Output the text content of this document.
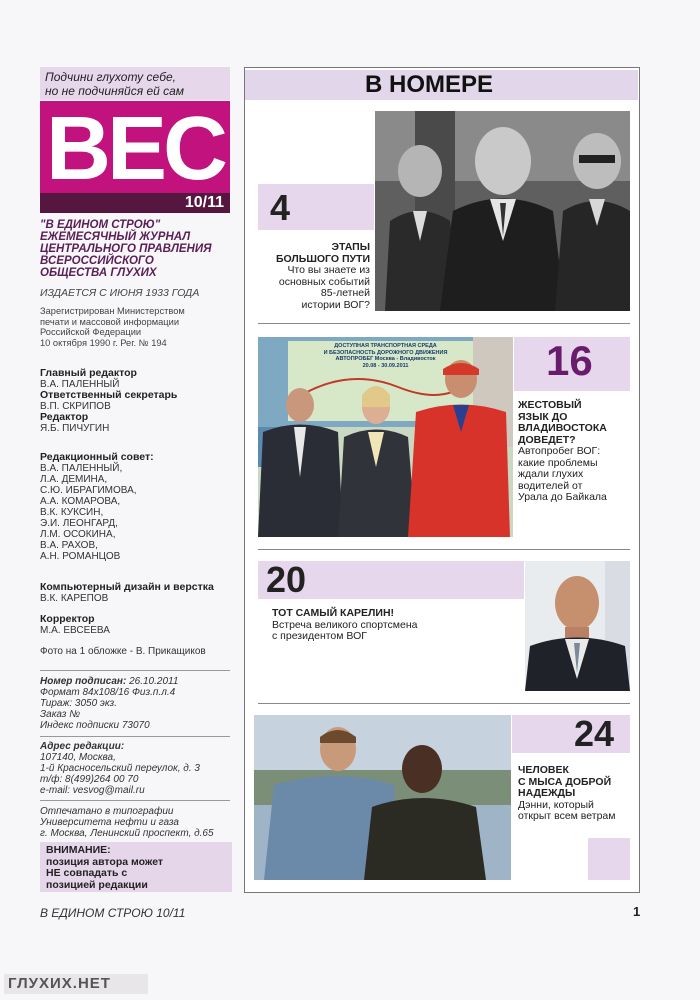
Подчини глухоту себе,
но не подчиняйся ей сам
ВЕС
10/11
"В ЕДИНОМ СТРОЮ"
ЕЖЕМЕСЯЧНЫЙ ЖУРНАЛ
ЦЕНТРАЛЬНОГО ПРАВЛЕНИЯ
ВСЕРОССИЙСКОГО
ОБЩЕСТВА ГЛУХИХ
ИЗДАЕТСЯ С ИЮНЯ 1933 ГОДА
Зарегистрирован Министерством
печати и массовой информации
Российской Федерации
10 октября 1990 г. Рег. № 194
Главный редактор
В.А. ПАЛЕННЫЙ
Ответственный секретарь
В.П. СКРИПОВ
Редактор
Я.Б. ПИЧУГИН
Редакционный совет:
В.А. ПАЛЕННЫЙ,
Л.А. ДЕМИНА,
С.Ю. ИБРАГИМОВА,
А.А. КОМАРОВА,
В.К. КУКСИН,
Э.И. ЛЕОНГАРД,
Л.М. ОСОКИНА,
В.А. РАХОВ,
А.Н. РОМАНЦОВ
Компьютерный дизайн и верстка
В.К. КАРЕПОВ
Корректор
М.А. ЕВСЕЕВА
Фото на 1 обложке - В. Прикащиков
Номер подписан: 26.10.2011
Формат 84х108/16 Физ.п.л.4
Тираж: 3050 экз.
Заказ №
Индекс подписки 73070
Адрес редакции:
107140, Москва,
1-й Красносельский переулок, д. 3
т/ф: 8(499)264 00 70
e-mail: vesvog@mail.ru
Отпечатано в типографии
Университета нефти и газа
г. Москва, Ленинский проспект, д.65
ВНИМАНИЕ:
позиция автора может
НЕ совпадать с
позицией редакции
В НОМЕРЕ
4
ЭТАПЫ
БОЛЬШОГО ПУТИ
Что вы знаете из
основных событий
85-летней
истории ВОГ?
ДОСТУПНАЯ ТРАНСПОРТНАЯ СРЕДА
И БЕЗОПАСНОСТЬ ДОРОЖНОГО ДВИЖЕНИЯ
АВТОПРОБЕГ Москва - Владивосток
20.08 - 30.09.2011	16
ЖЕСТОВЫЙ
ЯЗЫК ДО
ВЛАДИВОСТОКА
ДОВЕДЕТ?
Автопробег ВОГ:
какие проблемы
ждали глухих
водителей от
Урала до Байкала
20
ТОТ САМЫЙ КАРЕЛИН!
Встреча великого спортсмена
с президентом ВОГ
24
ЧЕЛОВЕК
С МЫСА ДОБРОЙ
НАДЕЖДЫ
Дэнни, который
открыт всем ветрам
В ЕДИНОМ СТРОЮ 10/11	1
ГЛУХИХ.НЕТ
